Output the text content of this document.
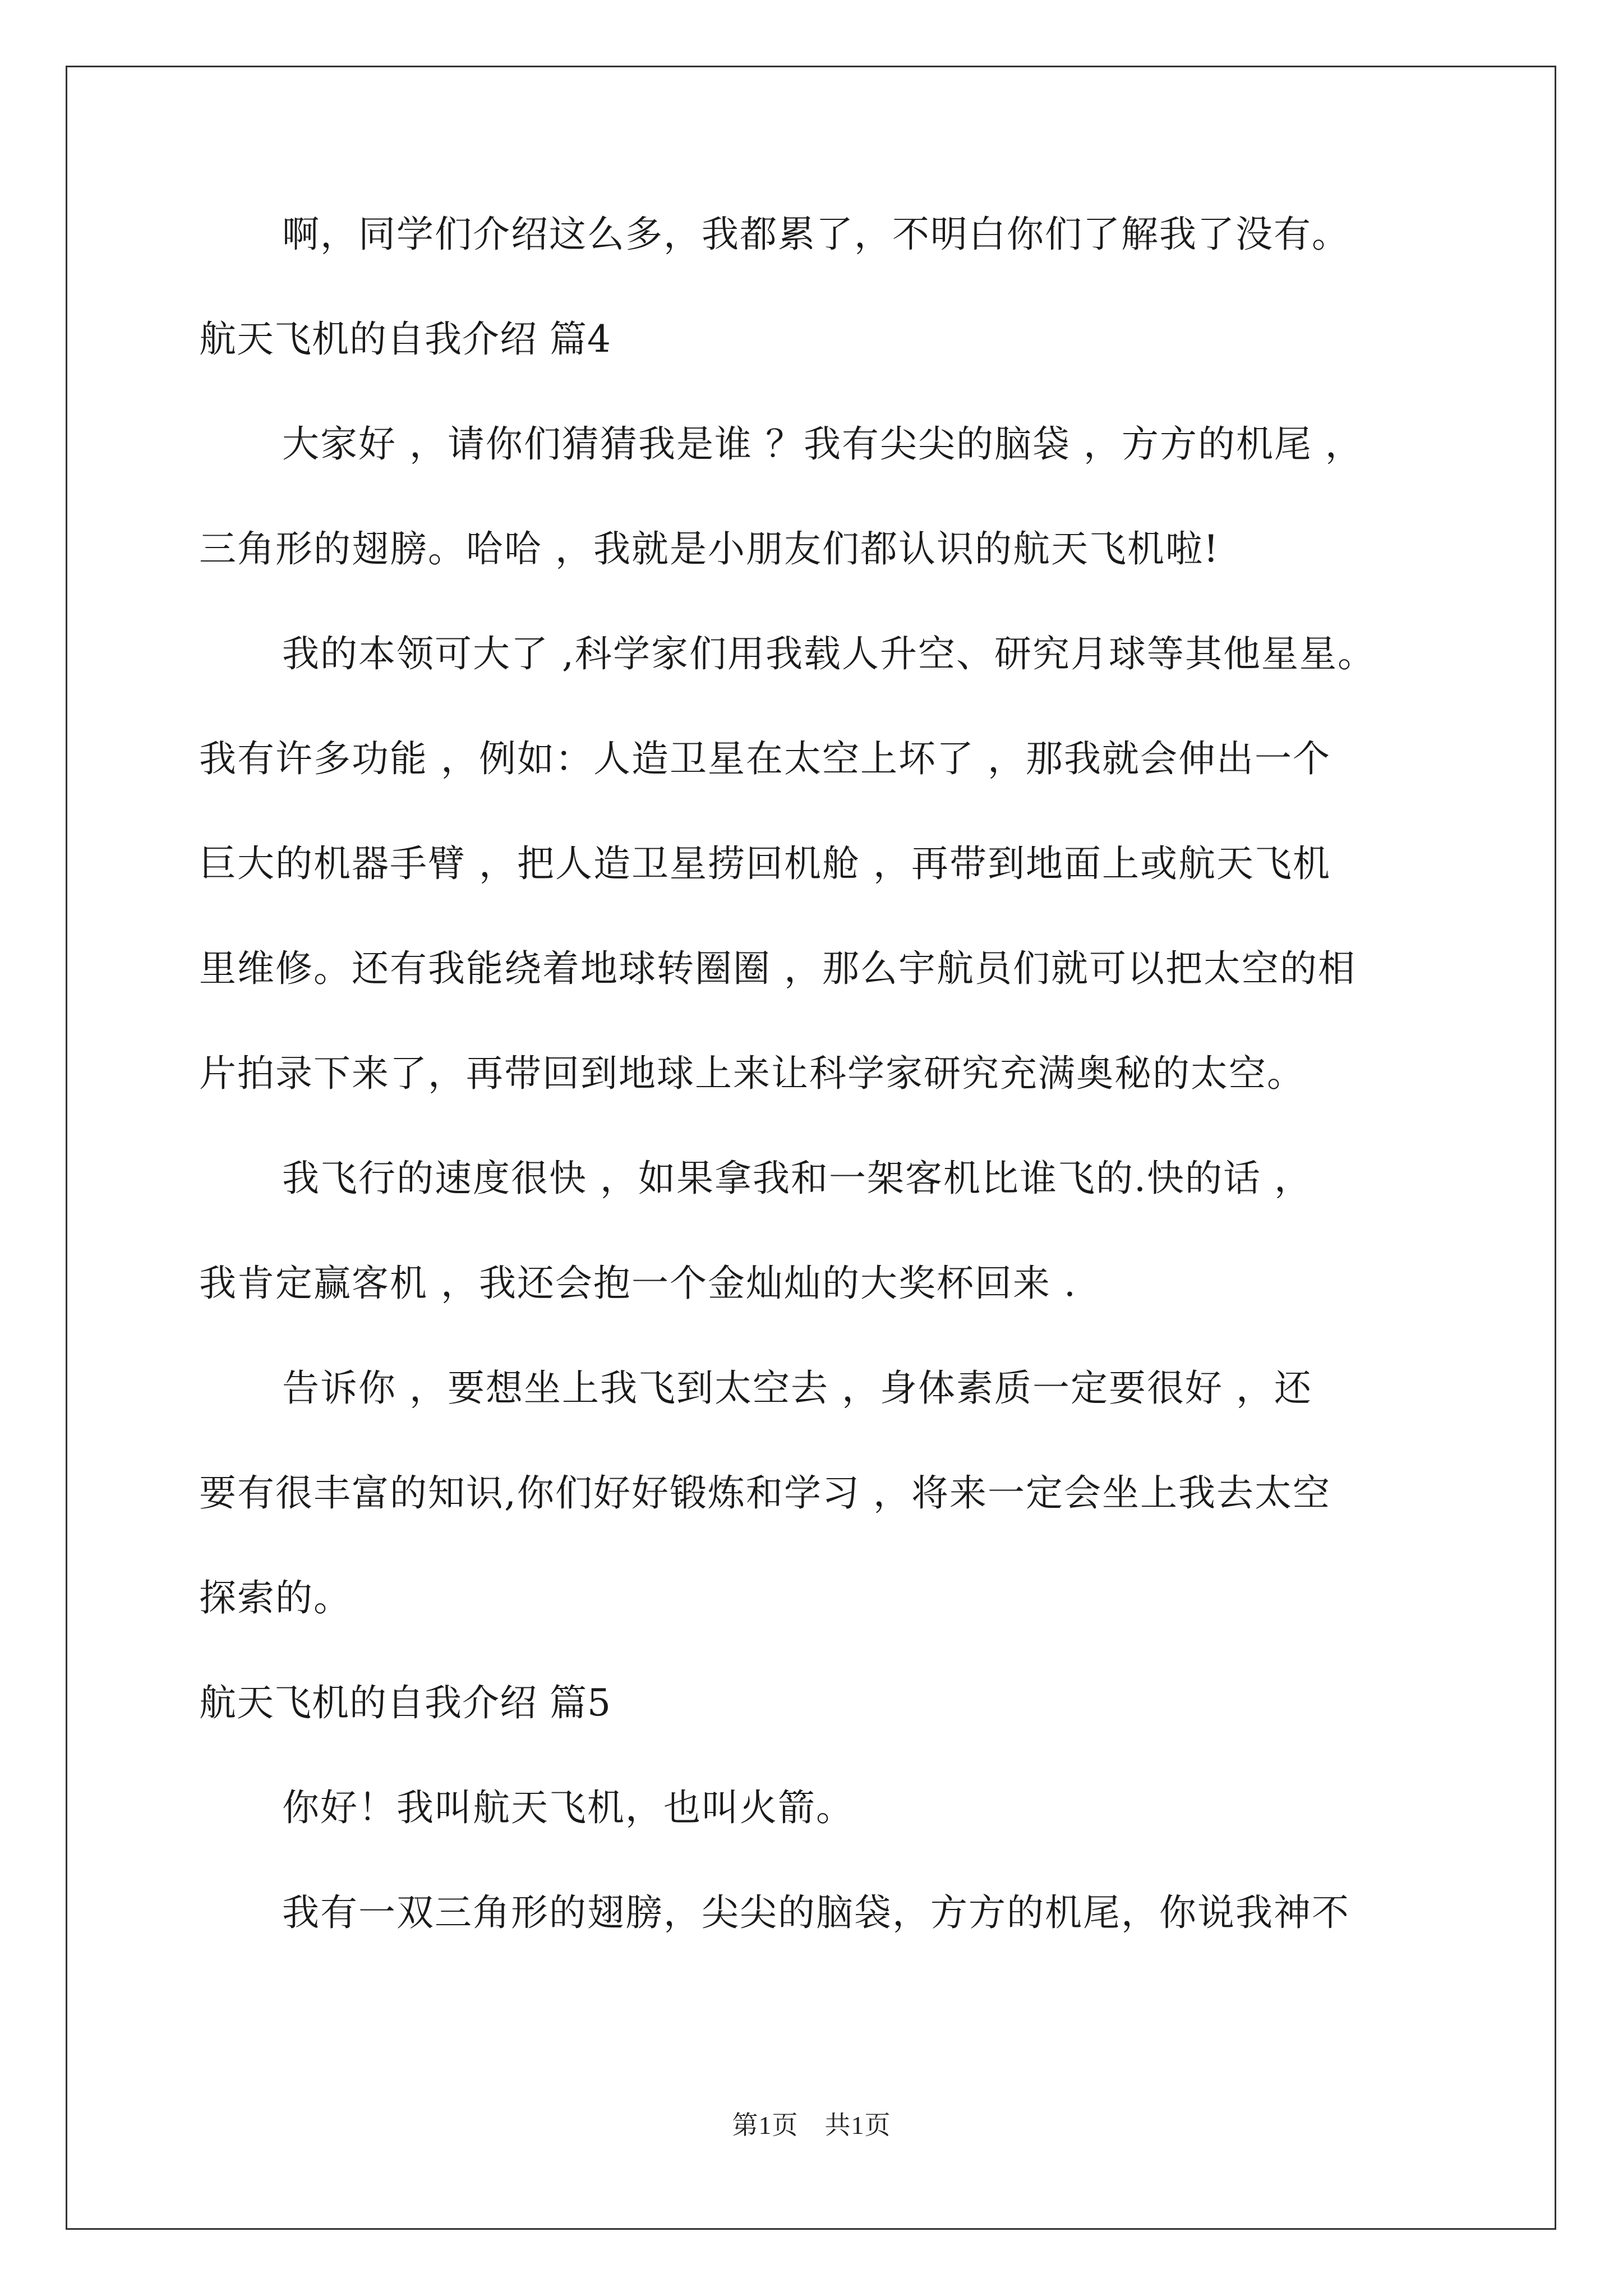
啊，同学们介绍这么多，我都累了，不明白你们了解我了没有。
航天飞机的自我介绍 篇4
大家好 ，请你们猜猜我是谁 ？我有尖尖的脑袋 ，方方的机尾 ，
三角形的翅膀。哈哈 ，我就是小朋友们都认识的航天飞机啦!
我的本领可大了 ,科学家们用我载人升空、研究月球等其他星星。
我有许多功能 ，例如：人造卫星在太空上坏了 ，那我就会伸出一个
巨大的机器手臂 ，把人造卫星捞回机舱 ，再带到地面上或航天飞机
里维修。还有我能绕着地球转圈圈 ，那么宇航员们就可以把太空的相
片拍录下来了，再带回到地球上来让科学家研究充满奥秘的太空。
我飞行的速度很快 ，如果拿我和一架客机比谁飞的.快的话 ，
我肯定赢客机 ，我还会抱一个金灿灿的大奖杯回来 .
告诉你 ，要想坐上我飞到太空去 ，身体素质一定要很好 ，还
要有很丰富的知识,你们好好锻炼和学习 ，将来一定会坐上我去太空
探索的。
航天飞机的自我介绍 篇5
你好！我叫航天飞机，也叫火箭。
我有一双三角形的翅膀，尖尖的脑袋，方方的机尾，你说我神不
第1页　共1页
